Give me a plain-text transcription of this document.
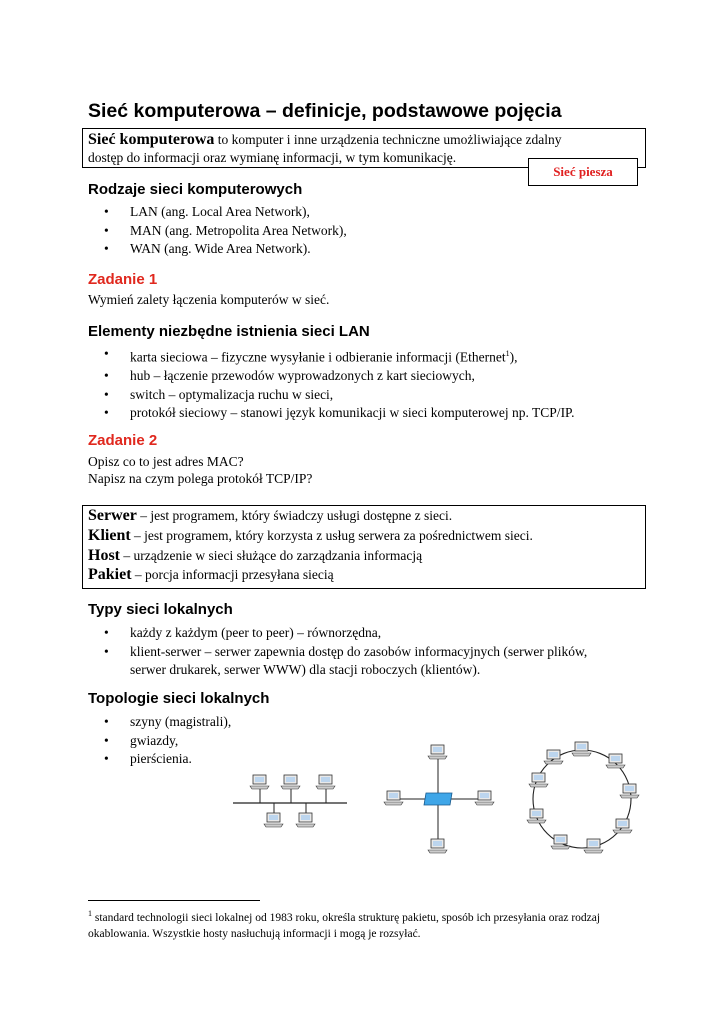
Sieć komputerowa – definicje, podstawowe pojęcia
Sieć komputerowa to komputer i inne urządzenia techniczne umożliwiające zdalny
dostęp do informacji oraz wymianę informacji, w tym komunikację.
Sieć piesza
Rodzaje sieci komputerowych
• LAN (ang. Local Area Network),
• MAN (ang. Metropolita Area Network),
• WAN (ang. Wide Area Network).
Zadanie 1
Wymień zalety łączenia komputerów w sieć.
Elementy niezbędne istnienia sieci LAN
• karta sieciowa – fizyczne wysyłanie i odbieranie informacji (Ethernet$^1$),
• hub – łączenie przewodów wyprowadzonych z kart sieciowych,
• switch – optymalizacja ruchu w sieci,
• protokół sieciowy – stanowi język komunikacji w sieci komputerowej np. TCP/IP.
Zadanie 2
Opisz co to jest adres MAC?
Napisz na czym polega protokół TCP/IP?
Serwer – jest programem, który świadczy usługi dostępne z sieci.
Klient – jest programem, który korzysta z usług serwera za pośrednictwem sieci.
Host – urządzenie w sieci służące do zarządzania informacją
Pakiet – porcja informacji przesyłana siecią
Typy sieci lokalnych
• każdy z każdym (peer to peer) – równorzędna,
• klient-serwer – serwer zapewnia dostęp do zasobów informacyjnych (serwer plików,
serwer drukarek, serwer WWW) dla stacji roboczych (klientów).
Topologie sieci lokalnych
• szyny (magistrali),
• gwiazdy,
• pierścienia.
$^1$ standard technologii sieci lokalnej od 1983 roku, określa strukturę pakietu, sposób ich przesyłania oraz rodzaj okablowania. Wszystkie hosty nasłuchują informacji i mogą je rozsyłać.
